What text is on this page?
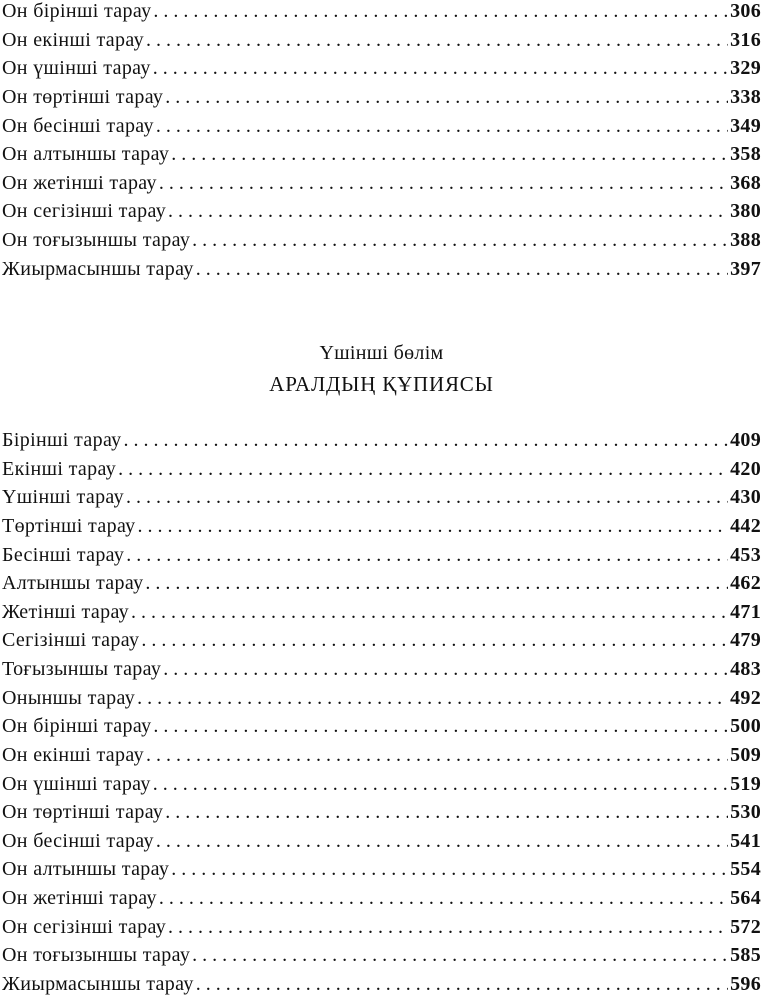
Он бірінші тарау . . .	306
Он екінші тарау . . .	316
Он үшінші тарау . . .	329
Он төртінші тарау . . .	338
Он бесінші тарау . . .	349
Он алтыншы тарау . . .	358
Он жетінші тарау . . .	368
Он сегізінші тарау . . .	380
Он тоғызыншы тарау . . .	388
Жиырмасыншы тарау . . .	397
Үшінші бөлім
АРАЛДЫҢ ҚҰПИЯСЫ
Бірінші тарау . . .	409
Екінші тарау . . .	420
Үшінші тарау . . .	430
Төртінші тарау . . .	442
Бесінші тарау . . .	453
Алтыншы тарау . . .	462
Жетінші тарау . . .	471
Сегізінші тарау . . .	479
Тоғызыншы тарау . . .	483
Оныншы тарау . . .	492
Он бірінші тарау . . .	500
Он екінші тарау . . .	509
Он үшінші тарау . . .	519
Он төртінші тарау . . .	530
Он бесінші тарау . . .	541
Он алтыншы тарау . . .	554
Он жетінші тарау . . .	564
Он сегізінші тарау . . .	572
Он тоғызыншы тарау . . .	585
Жиырмасыншы тарау . . .	596
